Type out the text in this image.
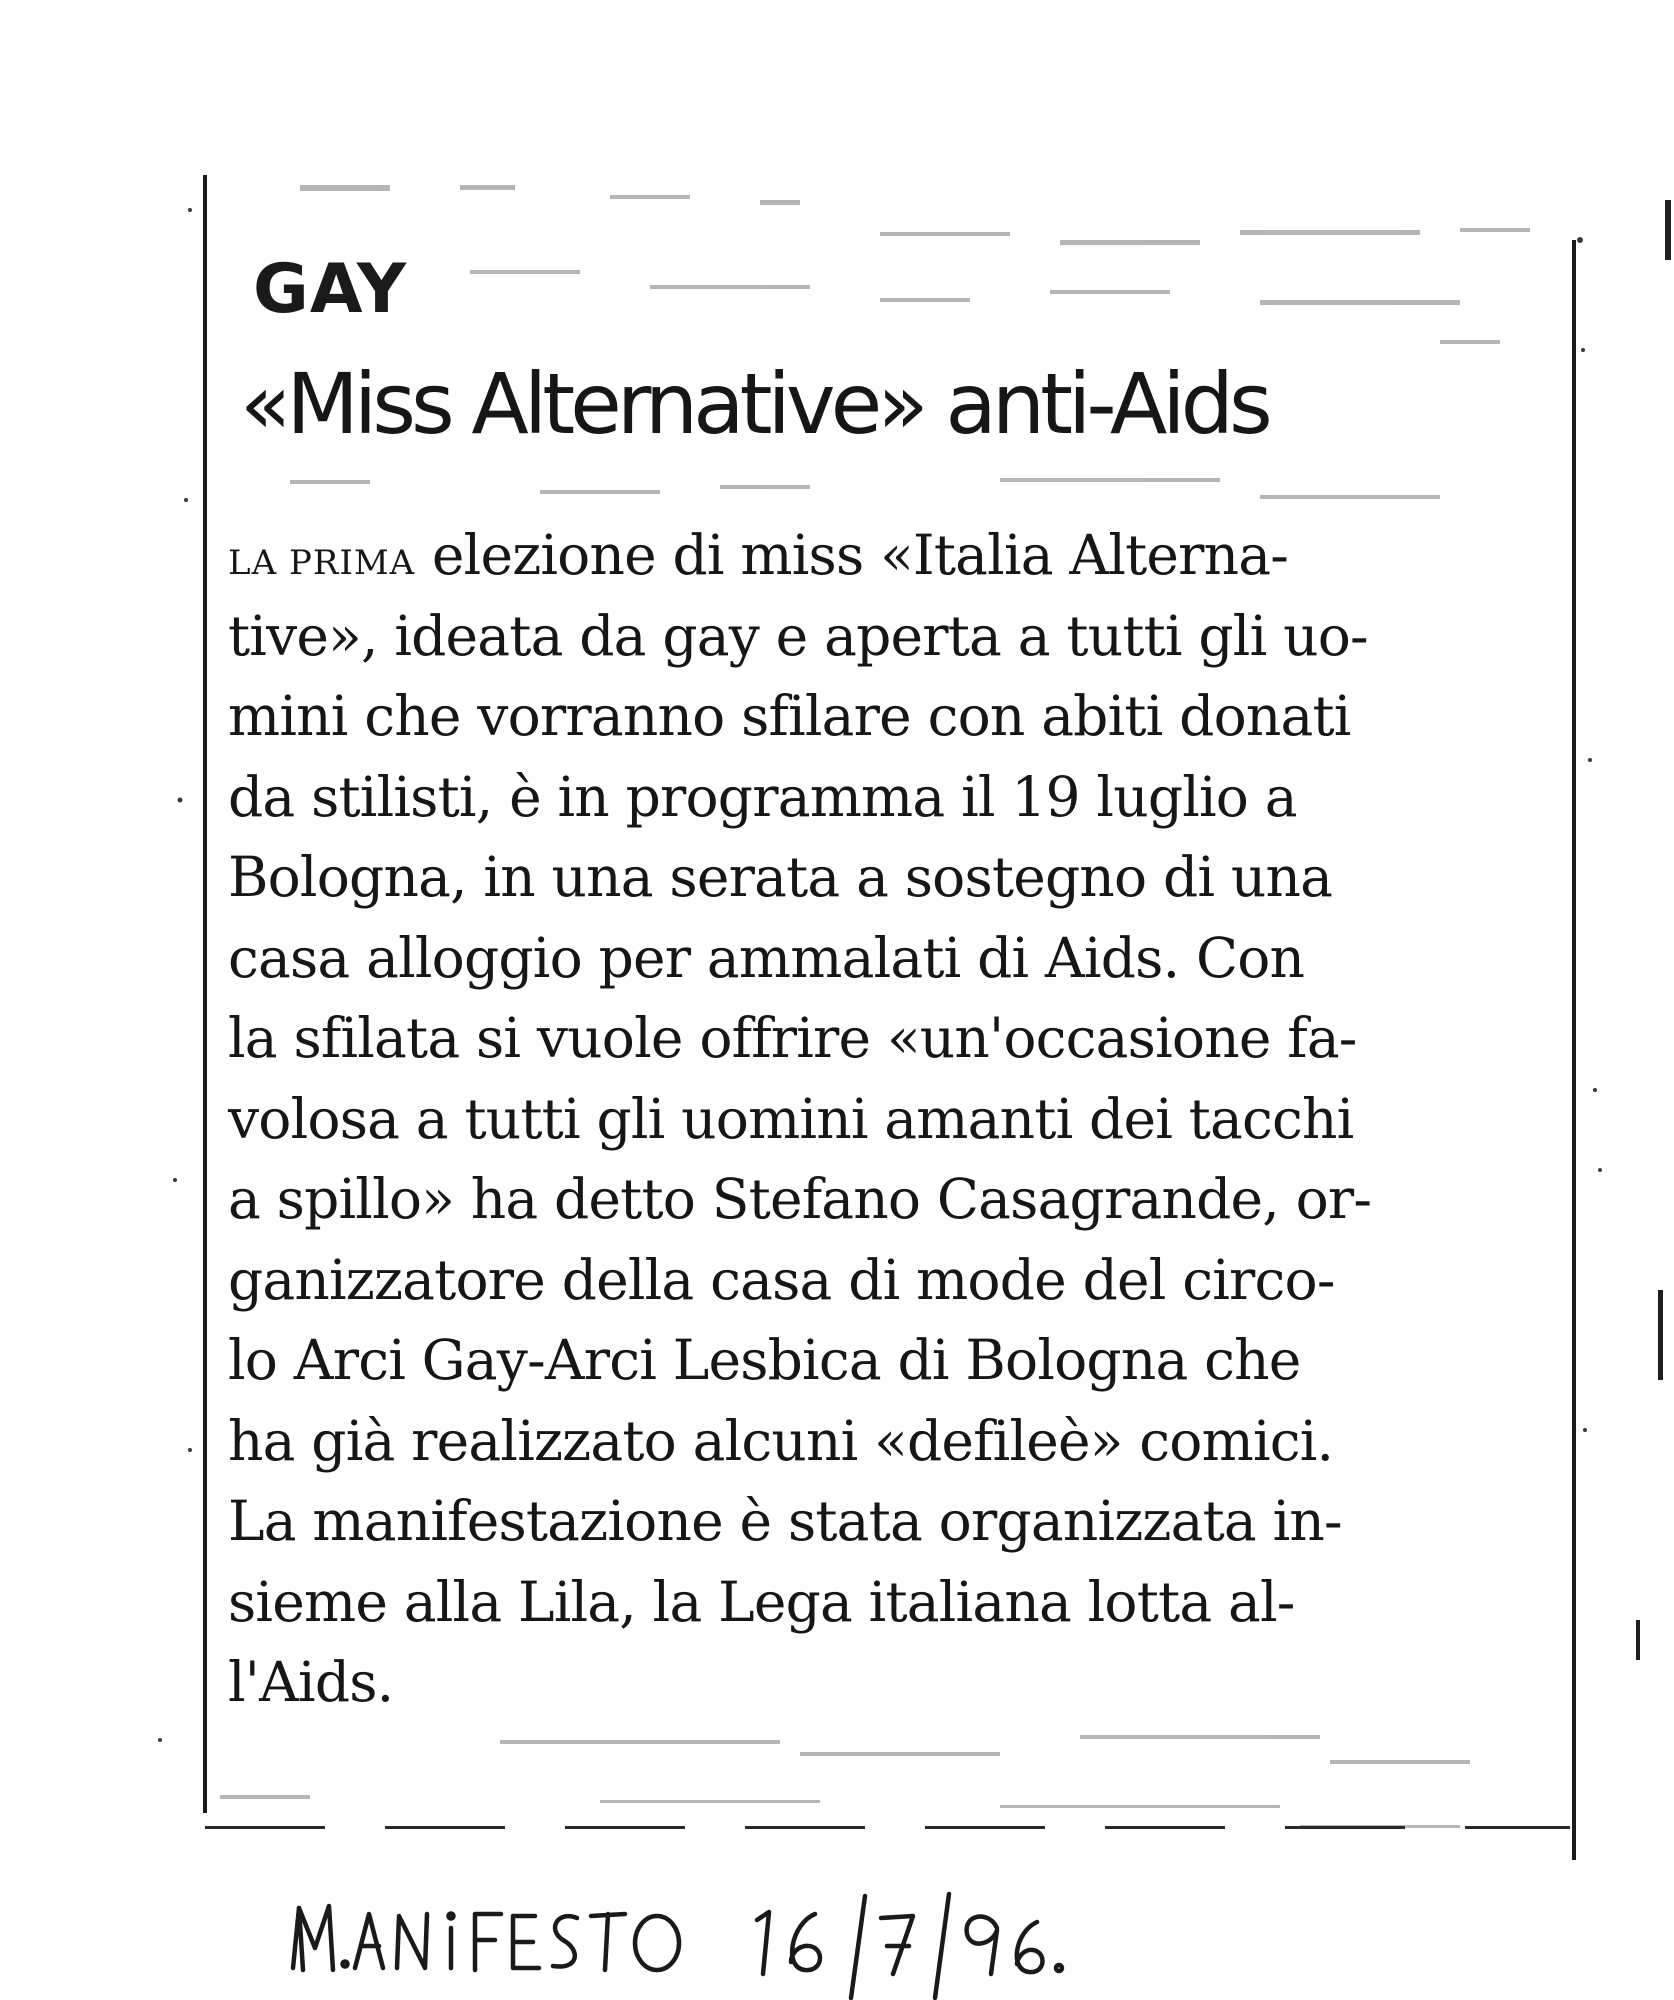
GAY
«Miss Alternative» anti-Aids
LA PRIMA elezione di miss «Italia Alterna-
tive», ideata da gay e aperta a tutti gli uo-
mini che vorranno sfilare con abiti donati
da stilisti, è in programma il 19 luglio a
Bologna, in una serata a sostegno di una
casa alloggio per ammalati di Aids. Con
la sfilata si vuole offrire «un'occasione fa-
volosa a tutti gli uomini amanti dei tacchi
a spillo» ha detto Stefano Casagrande, or-
ganizzatore della casa di mode del circo-
lo Arci Gay-Arci Lesbica di Bologna che
ha già realizzato alcuni «defileè» comici.
La manifestazione è stata organizzata in-
sieme alla Lila, la Lega italiana lotta al-
l'Aids.
